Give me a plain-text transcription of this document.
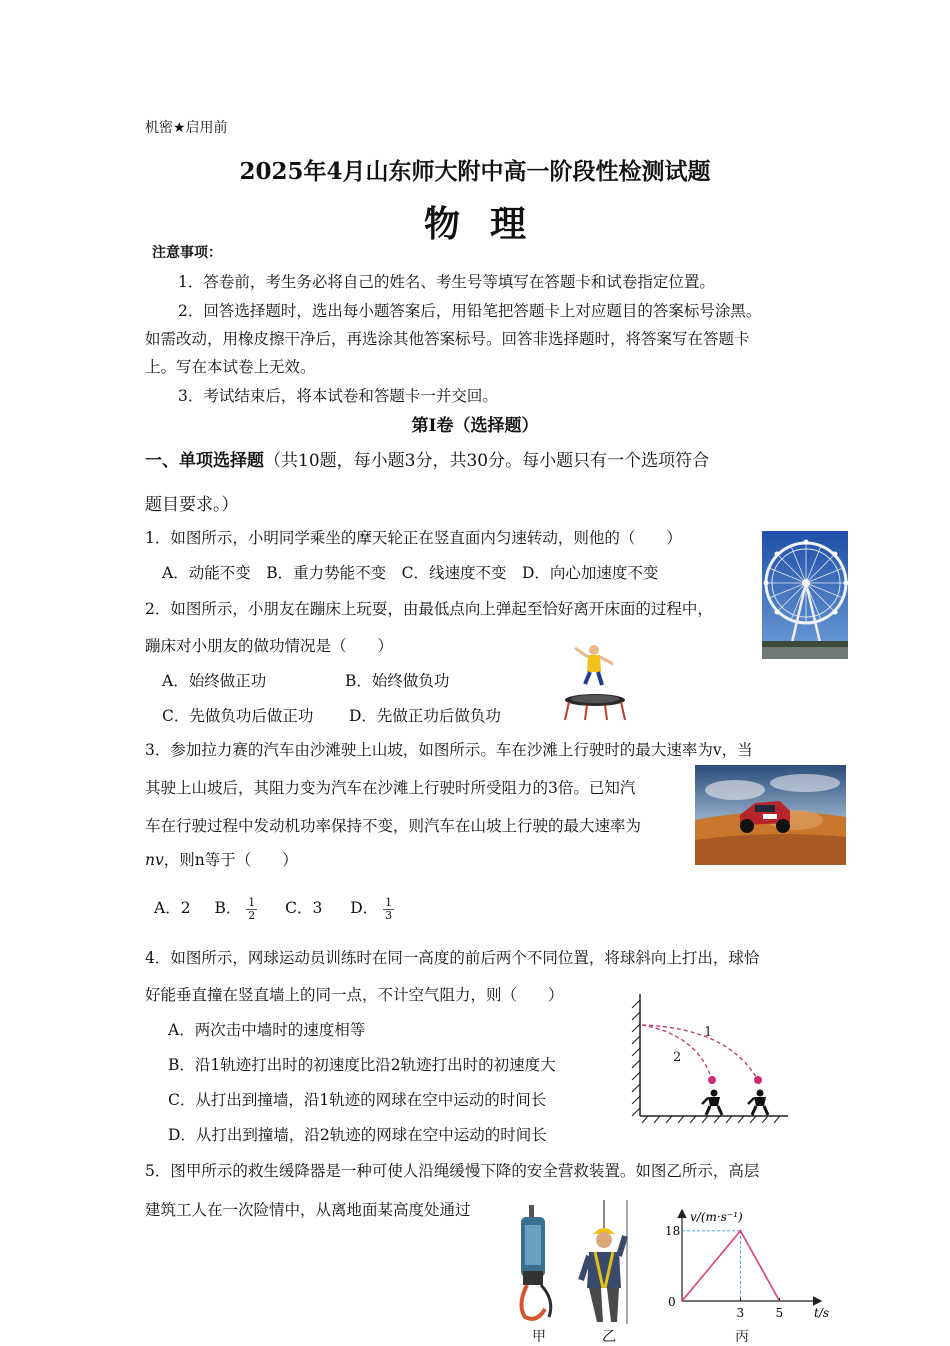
机密★启用前
2025年4月山东师大附中高一阶段性检测试题
物理
注意事项：
1．答卷前，考生务必将自己的姓名、考生号等填写在答题卡和试卷指定位置。
2．回答选择题时，选出每小题答案后，用铅笔把答题卡上对应题目的答案标号涂黑。
如需改动，用橡皮擦干净后，再选涂其他答案标号。回答非选择题时，将答案写在答题卡
上。写在本试卷上无效。
3．考试结束后，将本试卷和答题卡一并交回。
第Ⅰ卷（选择题）
一、单项选择题（共10题，每小题3分，共30分。每小题只有一个选项符合
题目要求。）
1．如图所示，小明同学乘坐的摩天轮正在竖直面内匀速转动，则他的（　　）
A．动能不变　B．重力势能不变　C．线速度不变　D．向心加速度不变
2．如图所示，小朋友在蹦床上玩耍，由最低点向上弹起至恰好离开床面的过程中，
蹦床对小朋友的做功情况是（　　）
A．始终做正功	B．始终做负功
C．先做负功后做正功 D．先做正功后做负功
3．参加拉力赛的汽车由沙滩驶上山坡，如图所示。车在沙滩上行驶时的最大速率为v，当
其驶上山坡后，其阻力变为汽车在沙滩上行驶时所受阻力的3倍。已知汽
车在行驶过程中发动机功率保持不变，则汽车在山坡上行驶的最大速率为
nv，则n等于（　　）
A．2 B． $\frac{1}{2}$ C．3 D． $\frac{1}{3}$
4．如图所示，网球运动员训练时在同一高度的前后两个不同位置，将球斜向上打出，球恰
好能垂直撞在竖直墙上的同一点，不计空气阻力，则（　　）
A．两次击中墙时的速度相等
B．沿1轨迹打出时的初速度比沿2轨迹打出时的初速度大
C．从打出到撞墙，沿1轨迹的网球在空中运动的时间长
D．从打出到撞墙，沿2轨迹的网球在空中运动的时间长
1
2
5．图甲所示的救生缓降器是一种可使人沿绳缓慢下降的安全营救装置。如图乙所示，高层
建筑工人在一次险情中，从离地面某高度处通过
甲	乙
v/(m·s⁻¹)
t/s
0
3	5
18
丙
